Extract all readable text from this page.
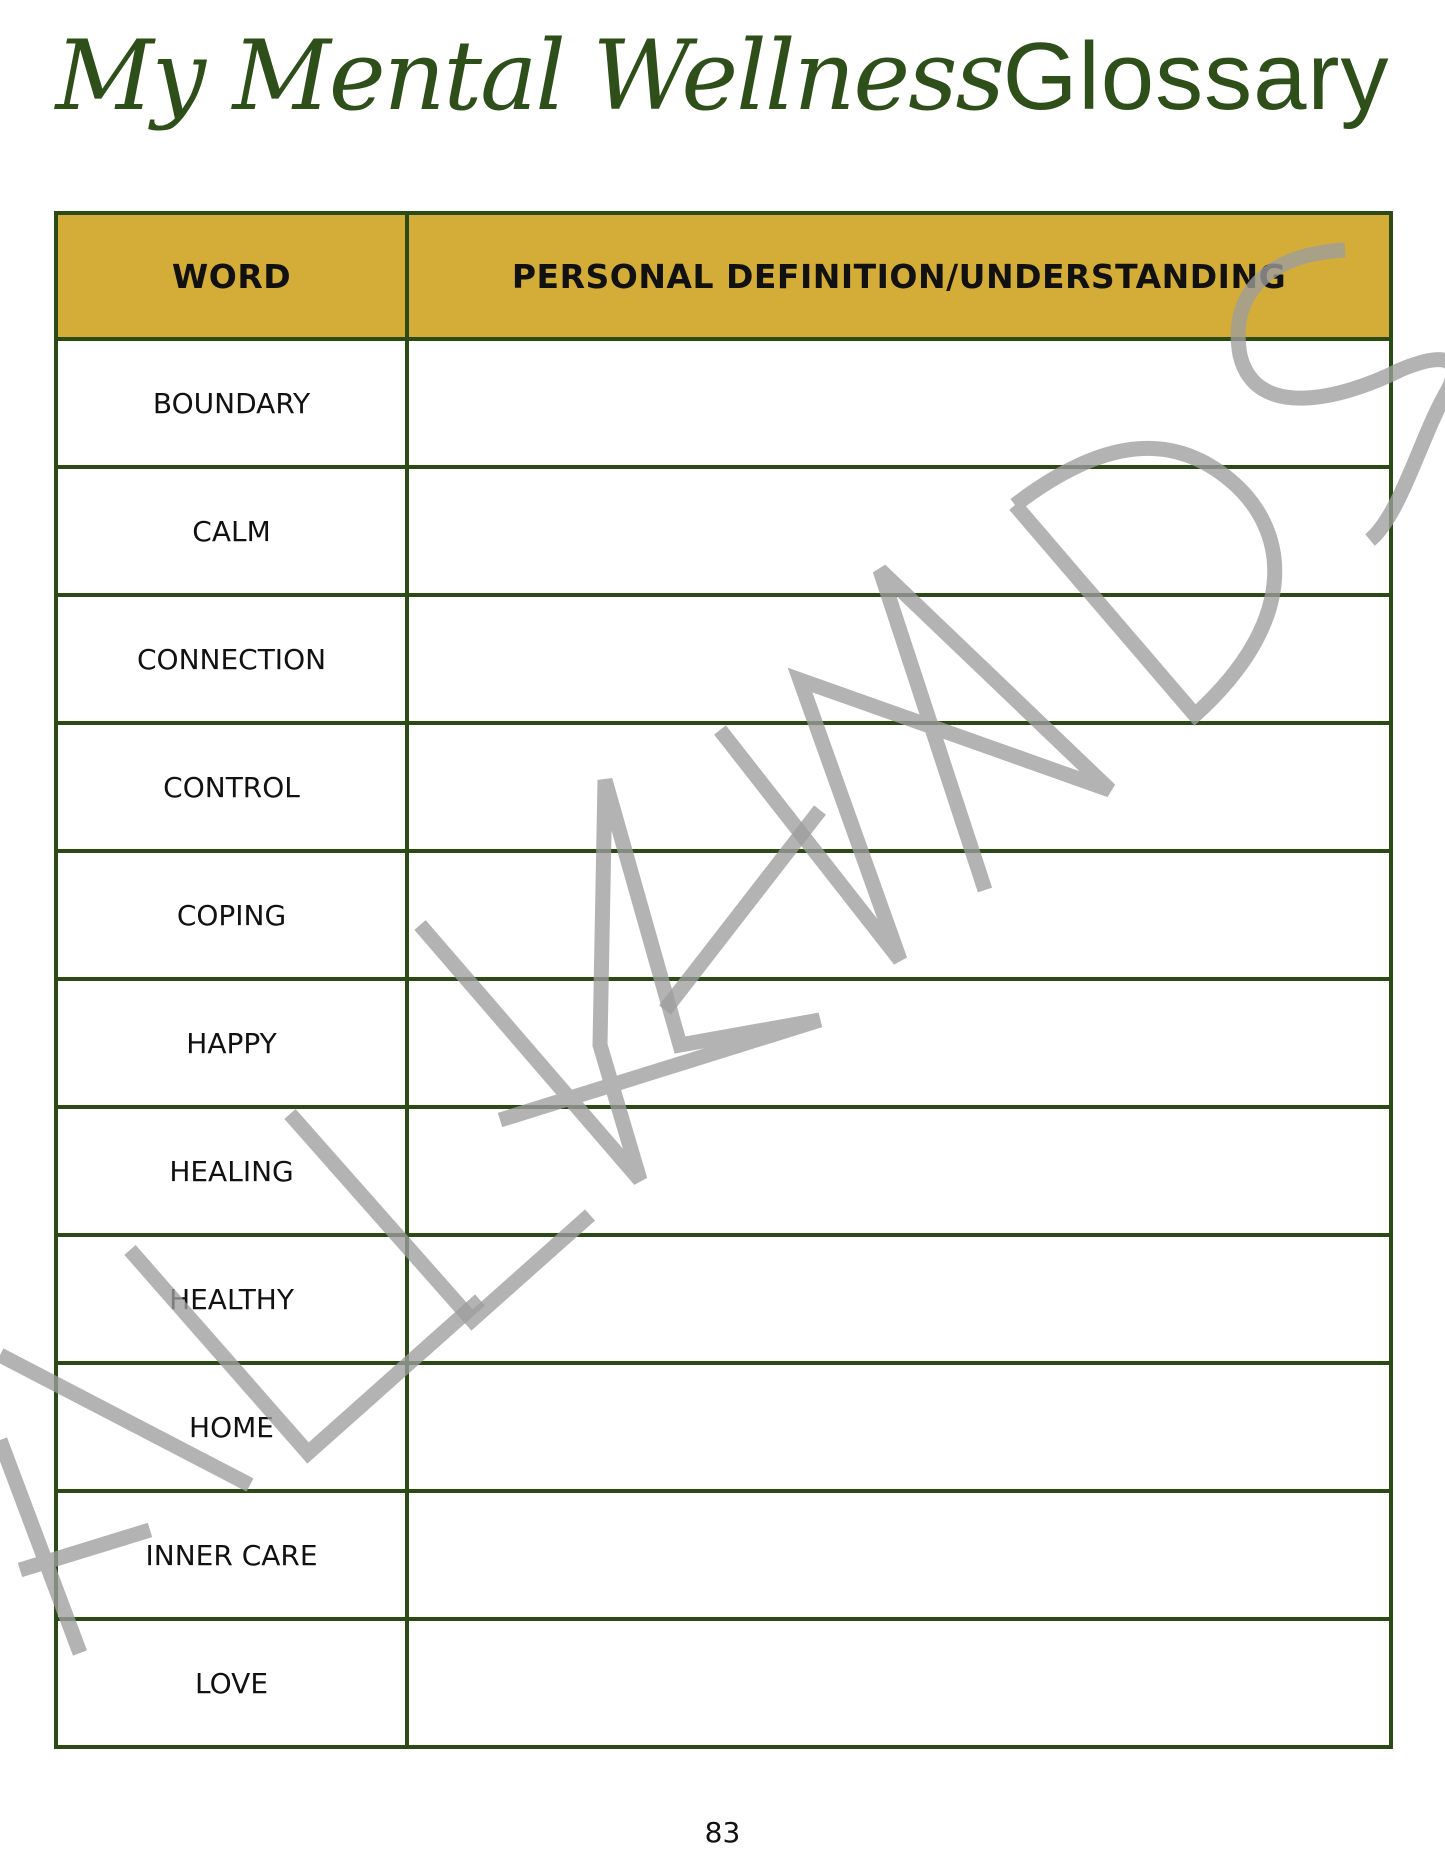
My Mental WellnessGlossary
WORD	PERSONAL DEFINITION/UNDERSTANDING
BOUNDARY	
CALM	
CONNECTION	
CONTROL	
COPING	
HAPPY	
HEALING	
HEALTHY	
HOME	
INNER CARE	
LOVE	
83
